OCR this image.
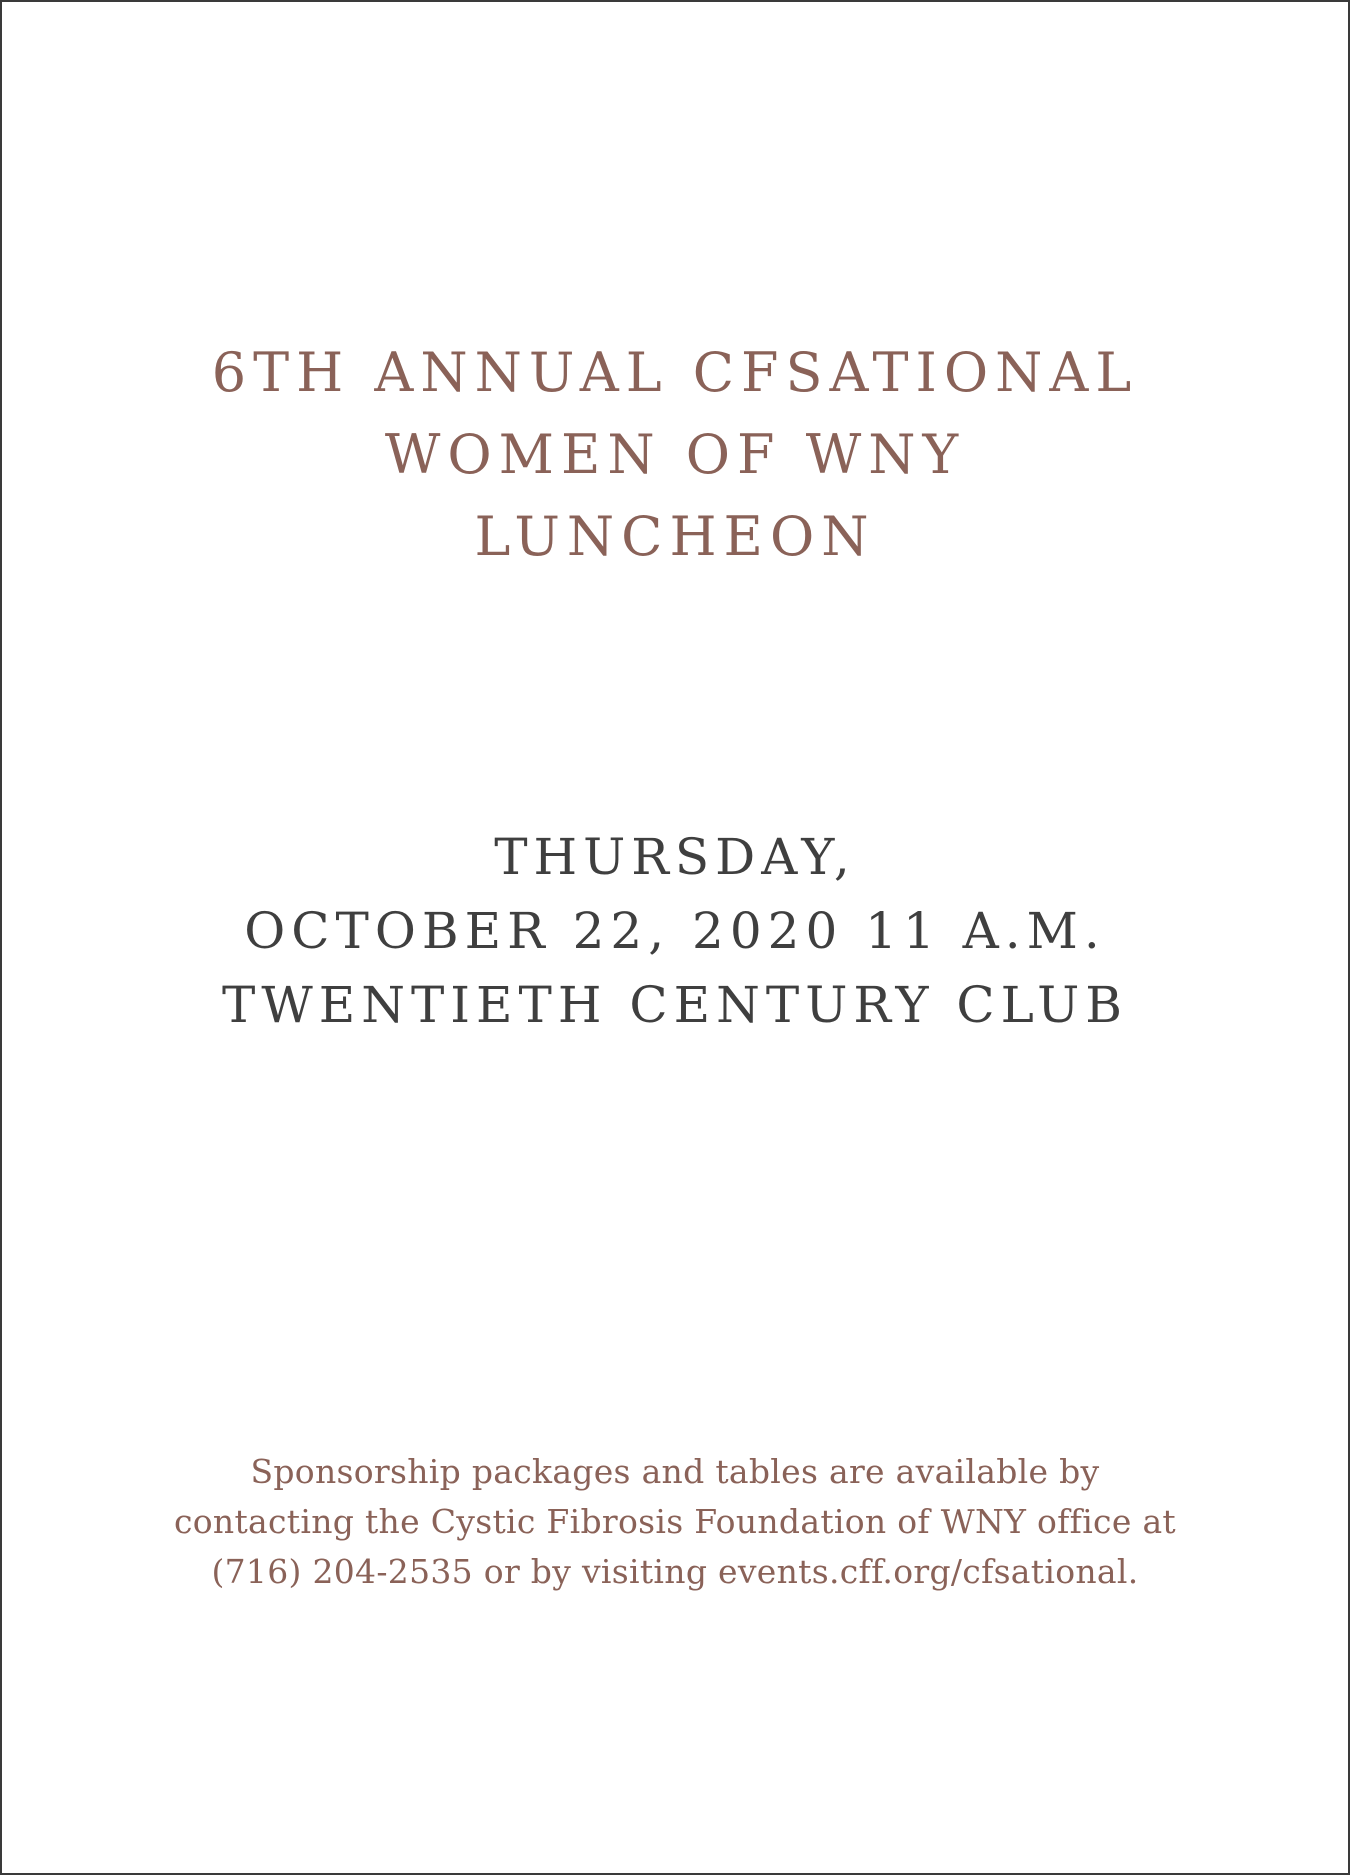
6TH ANNUAL CFSATIONAL
WOMEN OF WNY
LUNCHEON
THURSDAY,
OCTOBER 22, 2020 11 A.M.
TWENTIETH CENTURY CLUB
Sponsorship packages and tables are available by
contacting the Cystic Fibrosis Foundation of WNY office at
(716) 204-2535 or by visiting events.cff.org/cfsational.
